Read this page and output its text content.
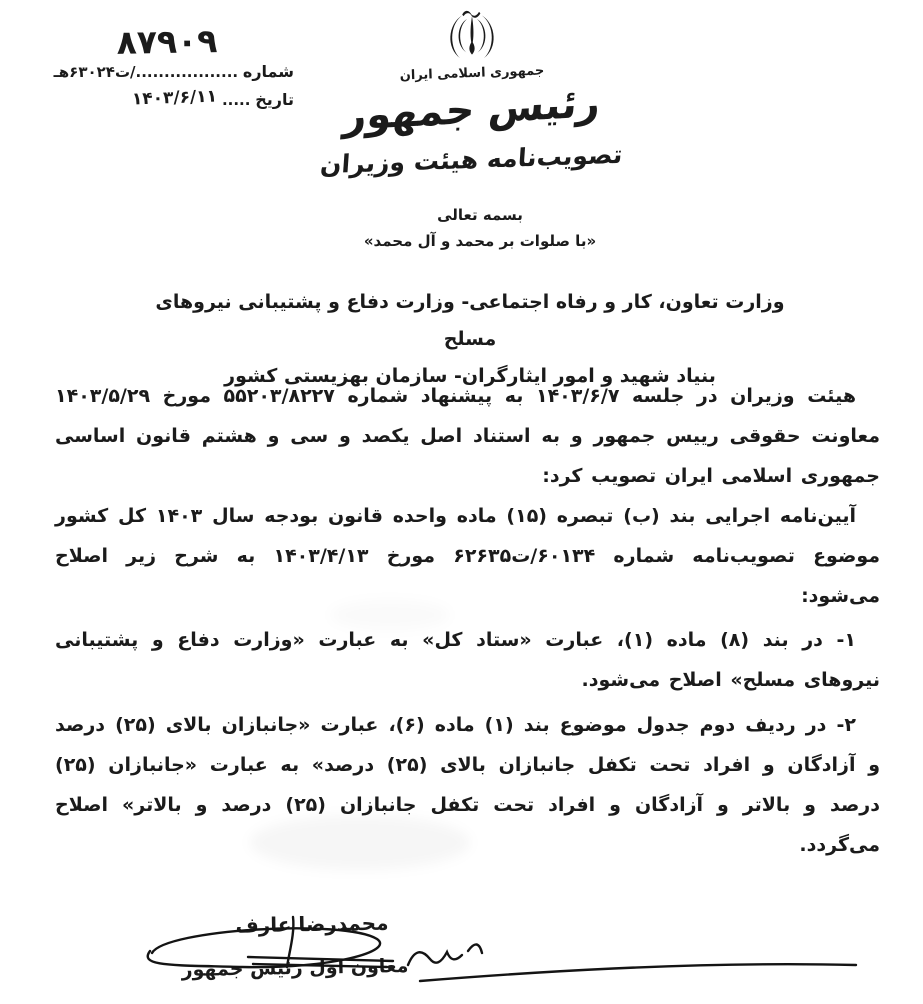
۸۷۹۰۹
شماره ................../ت۶۳۰۲۴هـ
تاریخ ..... ۱۴۰۳/۶/۱۱
جمهوری اسلامی ایران
رئیس جمهور
تصویب‌نامه هیئت وزیران
بسمه تعالی
«با صلوات بر محمد و آل محمد»
وزارت تعاون، کار و رفاه اجتماعی- وزارت دفاع و پشتیبانی نیروهای مسلح
بنیاد شهید و امور ایثارگران- سازمان بهزیستی کشور

هیئت وزیران در جلسه ۱۴۰۳/۶/۷ به پیشنهاد شماره ۵۵۲۰۳/۸۲۲۷ مورخ ۱۴۰۳/۵/۲۹ معاونت حقوقی رییس جمهور و به استناد اصل یکصد و سی و هشتم قانون اساسی جمهوری اسلامی ایران تصویب کرد:

آیین‌نامه اجرایی بند (ب) تبصره (۱۵) ماده واحده قانون بودجه سال ۱۴۰۳ کل کشور موضوع تصویب‌نامه شماره ۶۰۱۳۴/ت۶۲۶۳۵ مورخ ۱۴۰۳/۴/۱۳ به شرح زیر اصلاح می‌شود:

۱- در بند (۸) ماده (۱)، عبارت «ستاد کل» به عبارت «وزارت دفاع و پشتیبانی نیروهای مسلح» اصلاح می‌شود.

۲- در ردیف دوم جدول موضوع بند (۱) ماده (۶)، عبارت «جانبازان بالای (۲۵) درصد و آزادگان و افراد تحت تکفل جانبازان بالای (۲۵) درصد» به عبارت «جانبازان (۲۵) درصد و بالاتر و آزادگان و افراد تحت تکفل جانبازان (۲۵) درصد و بالاتر» اصلاح می‌گردد.

محمدرضا عارف
معاون اول رئیس جمهور
